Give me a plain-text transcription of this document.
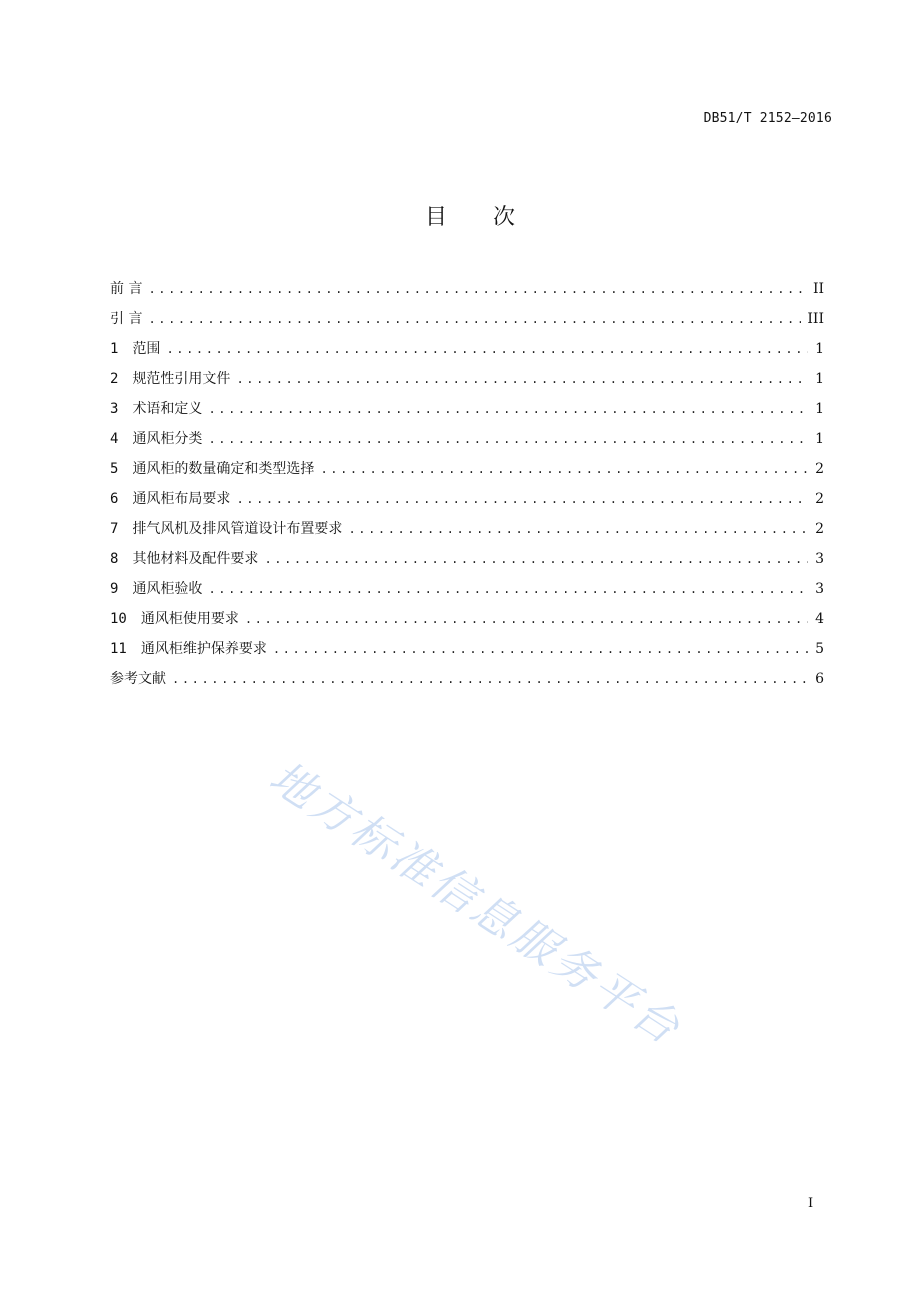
DB51/T 2152—2016
目次
前 言 .....	II
引 言 .....	III
1	范围 .....	1
2	规范性引用文件 .....	1
3	术语和定义 .....	1
4	通风柜分类 .....	1
5	通风柜的数量确定和类型选择 .....	2
6	通风柜布局要求 .....	2
7	排气风机及排风管道设计布置要求 .....	2
8	其他材料及配件要求 .....	3
9	通风柜验收 .....	3
10	通风柜使用要求 .....	4
11	通风柜维护保养要求 .....	5
参考文献 .....	6
地方标准信息服务平台
I
